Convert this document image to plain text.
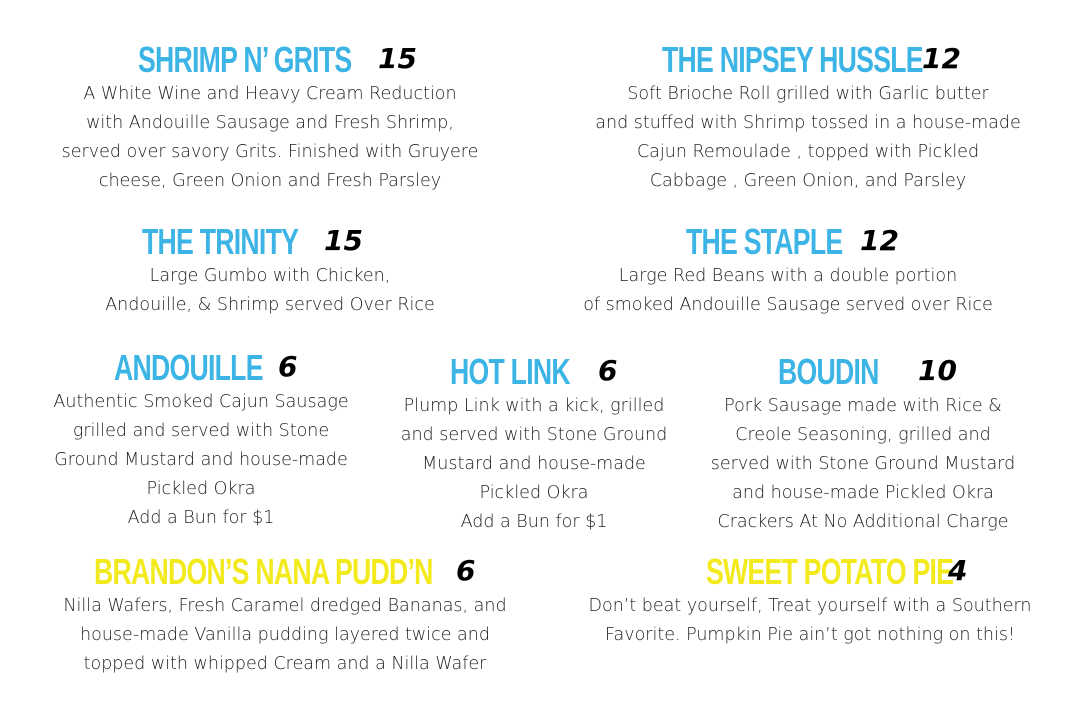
SHRIMP N’ GRITS 15
A White Wine and Heavy Cream Reduction
with Andouille Sausage and Fresh Shrimp,
served over savory Grits. Finished with Gruyere
cheese, Green Onion and Fresh Parsley
THE NIPSEY HUSSLE 12
Soft Brioche Roll grilled with Garlic butter
and stuffed with Shrimp tossed in a house-made
Cajun Remoulade , topped with Pickled
Cabbage , Green Onion, and Parsley
THE TRINITY 15
Large Gumbo with Chicken,
Andouille, & Shrimp served Over Rice
THE STAPLE 12
Large Red Beans with a double portion
of smoked Andouille Sausage served over Rice
ANDOUILLE 6
Authentic Smoked Cajun Sausage
grilled and served with Stone
Ground Mustard and house-made
Pickled Okra
Add a Bun for $1
HOT LINK	6
Plump Link with a kick, grilled
and served with Stone Ground
Mustard and house-made
Pickled Okra
Add a Bun for $1
BOUDIN	10
Pork Sausage made with Rice &
Creole Seasoning, grilled and
served with Stone Ground Mustard
and house-made Pickled Okra
Crackers At No Additional Charge
BRANDON’S NANA PUDD’N 6
Nilla Wafers, Fresh Caramel dredged Bananas, and
house-made Vanilla pudding layered twice and
topped with whipped Cream and a Nilla Wafer
SWEET POTATO PIE
4
Don’t beat yourself, Treat yourself with a Southern
Favorite. Pumpkin Pie ain’t got nothing on this!
